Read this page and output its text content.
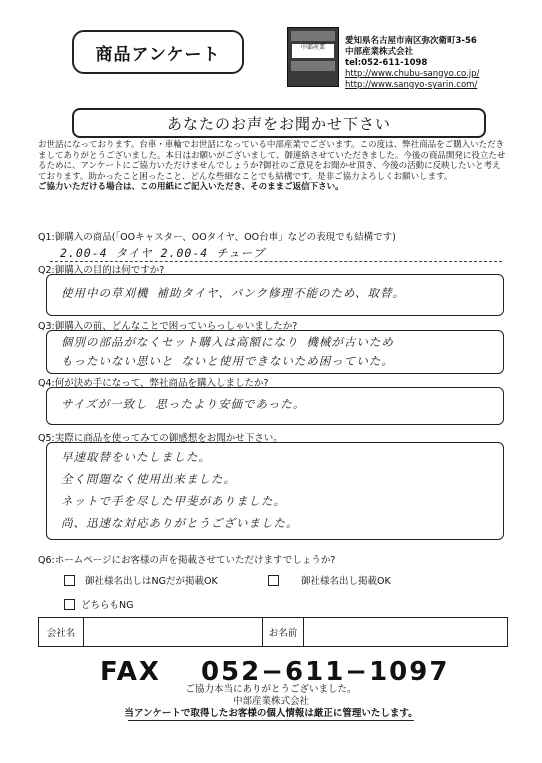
商品アンケート	中部産業
愛知県名古屋市南区弥次衛町3-56
中部産業株式会社
tel:052-611-1098
http://www.chubu-sangyo.co.jp/
http://www.sangyo-syarin.com/
あなたのお声をお聞かせ下さい
お世話になっております。台車・車輪でお世話になっている中部産業でございます。この度は、弊社商品をご購入いただきましてありがとうございました。本日はお願いがございまして、御連絡させていただきました。今後の商品開発に役立たせるために、アンケートにご協力いただけませんでしょうか?御社のご意見をお聞かせ頂き、今後の活動に反映したいと考えております。助かったこと困ったこと、どんな些細なことでも結構です。是非ご協力よろしくお願いします。
ご協力いただける場合は、この用紙にご記入いただき、そのままご返信下さい。
Q1:御購入の商品(「OOキャスター、OOタイヤ、OO台車」などの表現でも結構です)
2.00-4 タイヤ 2.00-4 チューブ
Q2:御購入の目的は何ですか?
使用中の草刈機 補助タイヤ、パンク修理不能のため、取替。
Q3:御購入の前、どんなことで困っていらっしゃいましたか?
個別の部品がなくセット購入は高額になり 機械が古いため
もったいない思いと ないと使用できないため困っていた。
Q4:何が決め手になって、弊社商品を購入しましたか?
サイズが一致し 思ったより安価であった。
Q5:実際に商品を使ってみての御感想をお聞かせ下さい。
早速取替をいたしました。
全く問題なく使用出来ました。
ネットで手を尽した甲斐がありました。
尚、迅速な対応ありがとうございました。
Q6:ホームページにお客様の声を掲載させていただけますでしょうか?
御社様名出しはNGだが掲載OK	御社様名出し掲載OK
どちらもNG
会社名	お名前
FAX 052−611−1097
ご協力本当にありがとうございました。
中部産業株式会社
当アンケートで取得したお客様の個人情報は厳正に管理いたします。
